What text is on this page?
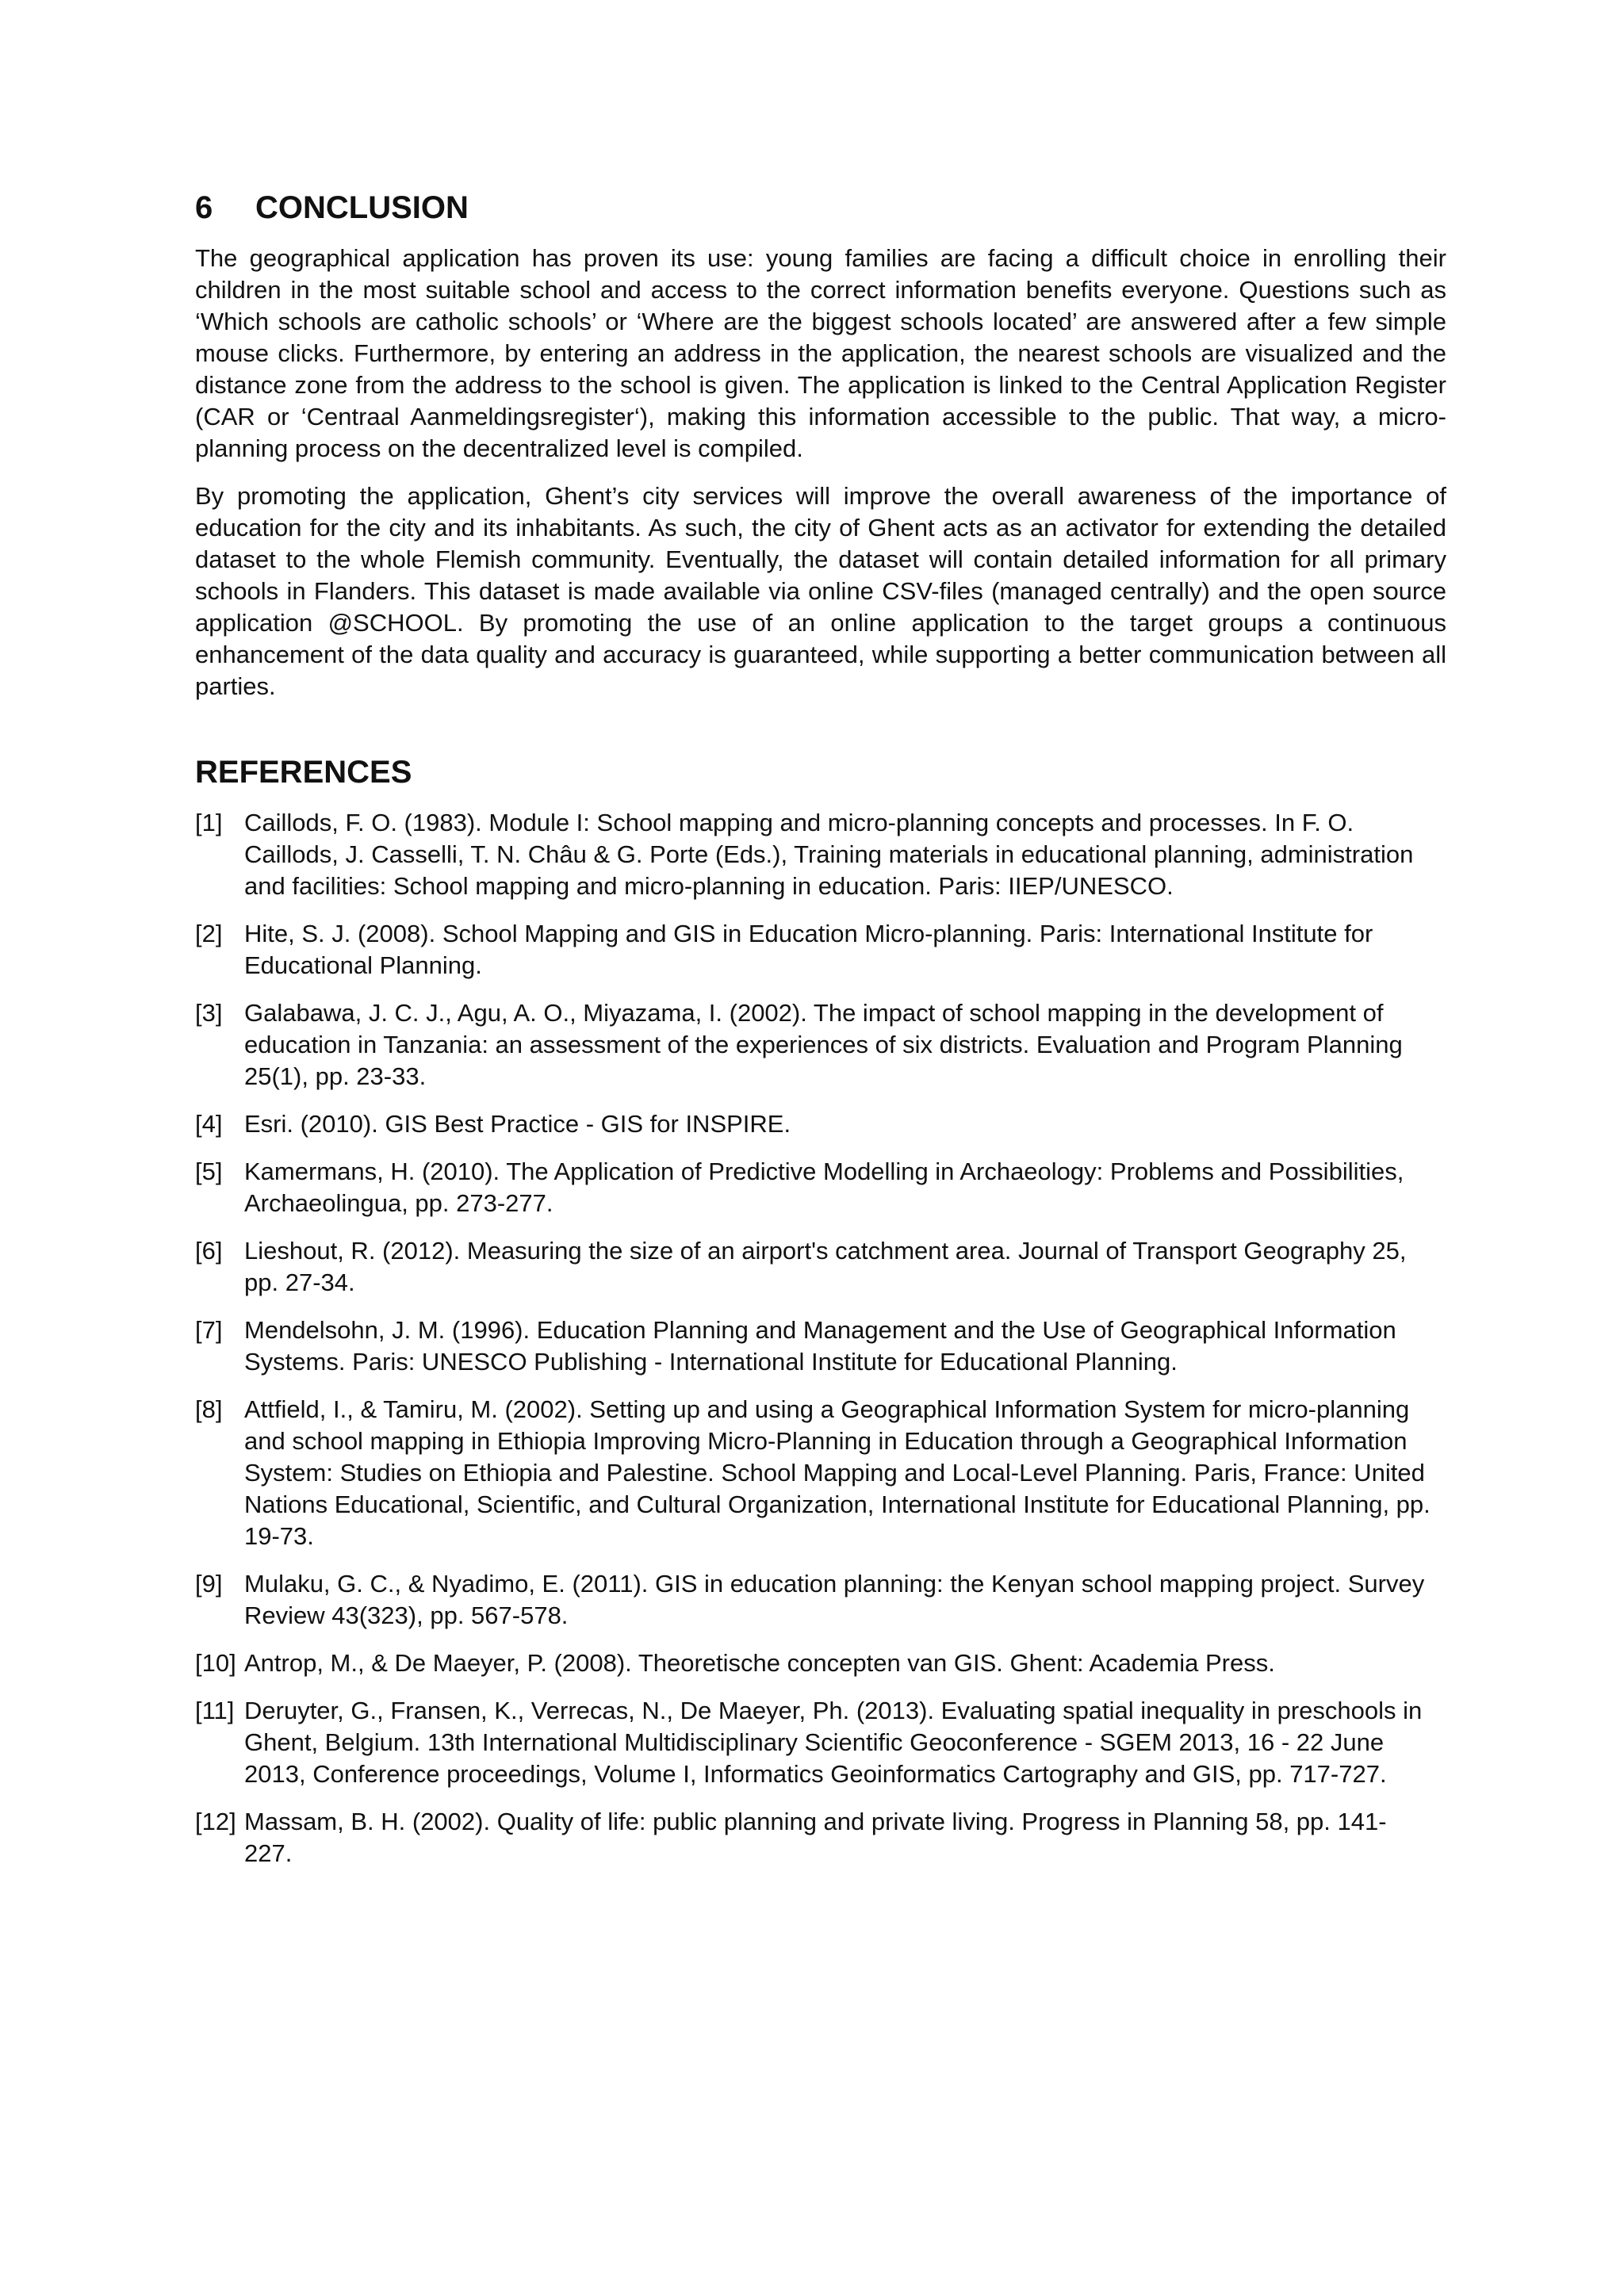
6	CONCLUSION

The geographical application has proven its use: young families are facing a difficult choice in enrolling their children in the most suitable school and access to the correct information benefits everyone. Questions such as ‘Which schools are catholic schools’ or ‘Where are the biggest schools located’ are answered after a few simple mouse clicks. Furthermore, by entering an address in the application, the nearest schools are visualized and the distance zone from the address to the school is given. The application is linked to the Central Application Register (CAR or ‘Centraal Aanmeldingsregister‘), making this information accessible to the public. That way, a micro-planning process on the decentralized level is compiled.

By promoting the application, Ghent’s city services will improve the overall awareness of the importance of education for the city and its inhabitants. As such, the city of Ghent acts as an activator for extending the detailed dataset to the whole Flemish community. Eventually, the dataset will contain detailed information for all primary schools in Flanders. This dataset is made available via online CSV-files (managed centrally) and the open source application @SCHOOL. By promoting the use of an online application to the target groups a continuous enhancement of the data quality and accuracy is guaranteed, while supporting a better communication between all parties.

REFERENCES
[1] Caillods, F. O. (1983). Module I: School mapping and micro-planning concepts and processes. In F. O. Caillods, J. Casselli, T. N. Châu & G. Porte (Eds.), Training materials in educational planning, administration and facilities: School mapping and micro-planning in education. Paris: IIEP/UNESCO.
[2] Hite, S. J. (2008). School Mapping and GIS in Education Micro-planning. Paris: International Institute for Educational Planning.
[3] Galabawa, J. C. J., Agu, A. O., Miyazama, I. (2002). The impact of school mapping in the development of education in Tanzania: an assessment of the experiences of six districts. Evaluation and Program Planning 25(1), pp. 23-33.
[4] Esri. (2010). GIS Best Practice - GIS for INSPIRE.
[5] Kamermans, H. (2010). The Application of Predictive Modelling in Archaeology: Problems and Possibilities, Archaeolingua, pp. 273-277.
[6] Lieshout, R. (2012). Measuring the size of an airport's catchment area. Journal of Transport Geography 25, pp. 27-34.
[7] Mendelsohn, J. M. (1996). Education Planning and Management and the Use of Geographical Information Systems. Paris: UNESCO Publishing - International Institute for Educational Planning.
[8] Attfield, I., & Tamiru, M. (2002). Setting up and using a Geographical Information System for micro-planning and school mapping in Ethiopia Improving Micro-Planning in Education through a Geographical Information System: Studies on Ethiopia and Palestine. School Mapping and Local-Level Planning. Paris, France: United Nations Educational, Scientific, and Cultural Organization, International Institute for Educational Planning, pp. 19-73.
[9] Mulaku, G. C., & Nyadimo, E. (2011). GIS in education planning: the Kenyan school mapping project. Survey Review 43(323), pp. 567-578.
[10] Antrop, M., & De Maeyer, P. (2008). Theoretische concepten van GIS. Ghent: Academia Press.
[11] Deruyter, G., Fransen, K., Verrecas, N., De Maeyer, Ph. (2013). Evaluating spatial inequality in preschools in Ghent, Belgium. 13th International Multidisciplinary Scientific Geoconference - SGEM 2013, 16 - 22 June 2013, Conference proceedings, Volume I, Informatics Geoinformatics Cartography and GIS, pp. 717-727.
[12] Massam, B. H. (2002). Quality of life: public planning and private living. Progress in Planning 58, pp. 141-227.
